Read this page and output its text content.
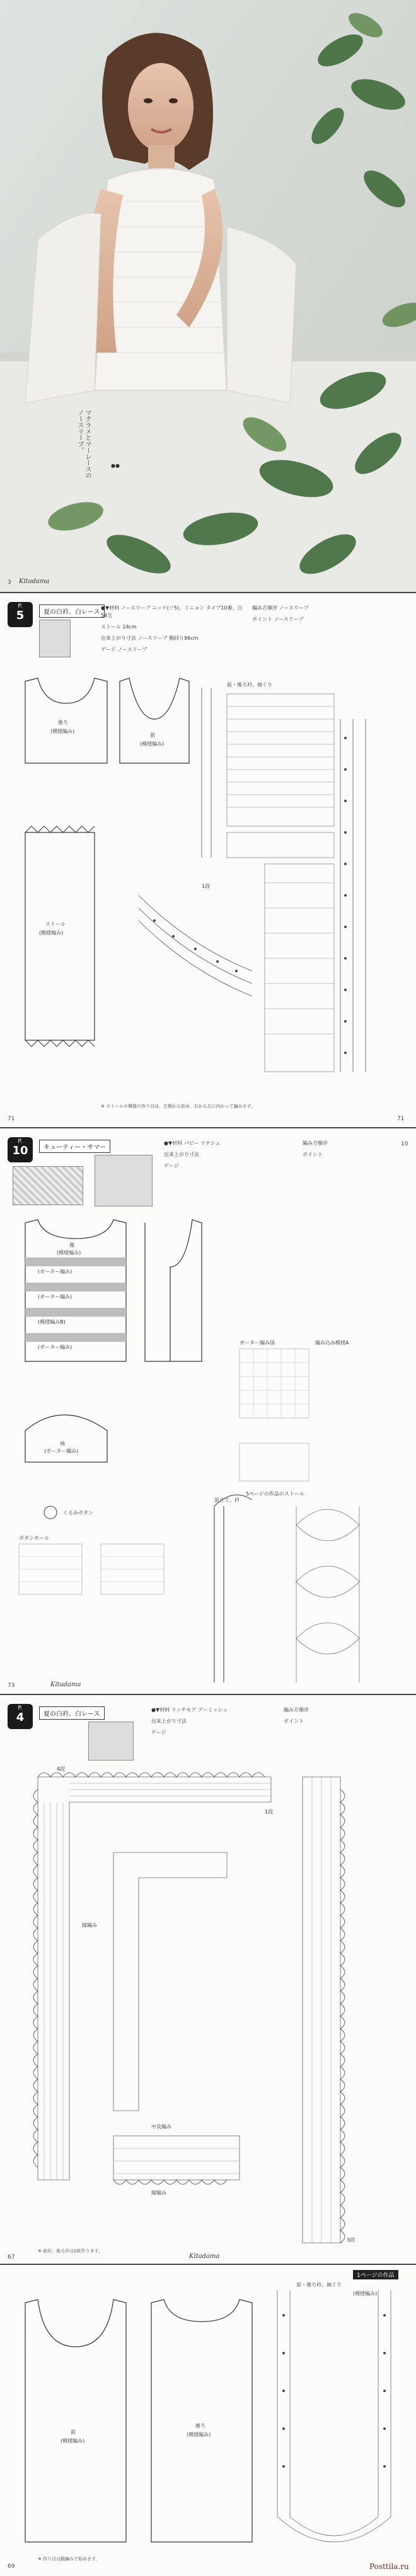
マクラメとマーレースの
ノースリーブ。
●●
3 Kitadama
P.
5	夏の白衿、白レース

●▼材料 ノースリーブ ニッケ(ソ5)、ミニョン タイプ10番、白 54玉

ストール 24cm

出来上がり寸法 ノースリーブ 胸回り96cm

ゲージ ノースリーブ

編み方順序 ノースリーブ

ポイント ノースリーブ

後ろ
(模様編み)
前
(模様編み)
ストール
(模様編み)
前・後ろ衿、袖ぐり
1段
※ ストールの模様の作り目は、左側から始め、右から左に向かって編みます。
71	71
P.
10	キューティー・サマー

●▼材料 パピー リナシェ

出来上がり寸法

ゲージ

編み方順序

ポイント

後
(模様編み)
(ガーター編み)
(ガーター編み)
(模様編みB)
(ガーター編み)
袖
(ガーター編み)
くるみボタン
ボタンホール
ガーター編み図	編み込み模様A
5ページの作品のストール
前立て、衿
73	Kitadama
10
P.
4	夏の白衿、白レース

●▼材料 リッチモア アーミッシュ

出来上がり寸法

ゲージ

編み方順序

ポイント

4段
1段
縁編み
中長編み
縁編み
3段
※ 前衿、後ろ衿は2枚作ります。
67	Kitadama
1ページの作品
前
(模様編み)
後ろ
(模様編み)
前・後ろ衿、袖ぐり
(模様編み)
※ 作り目は鎖編みで始めます。
69	Posttila.ru
